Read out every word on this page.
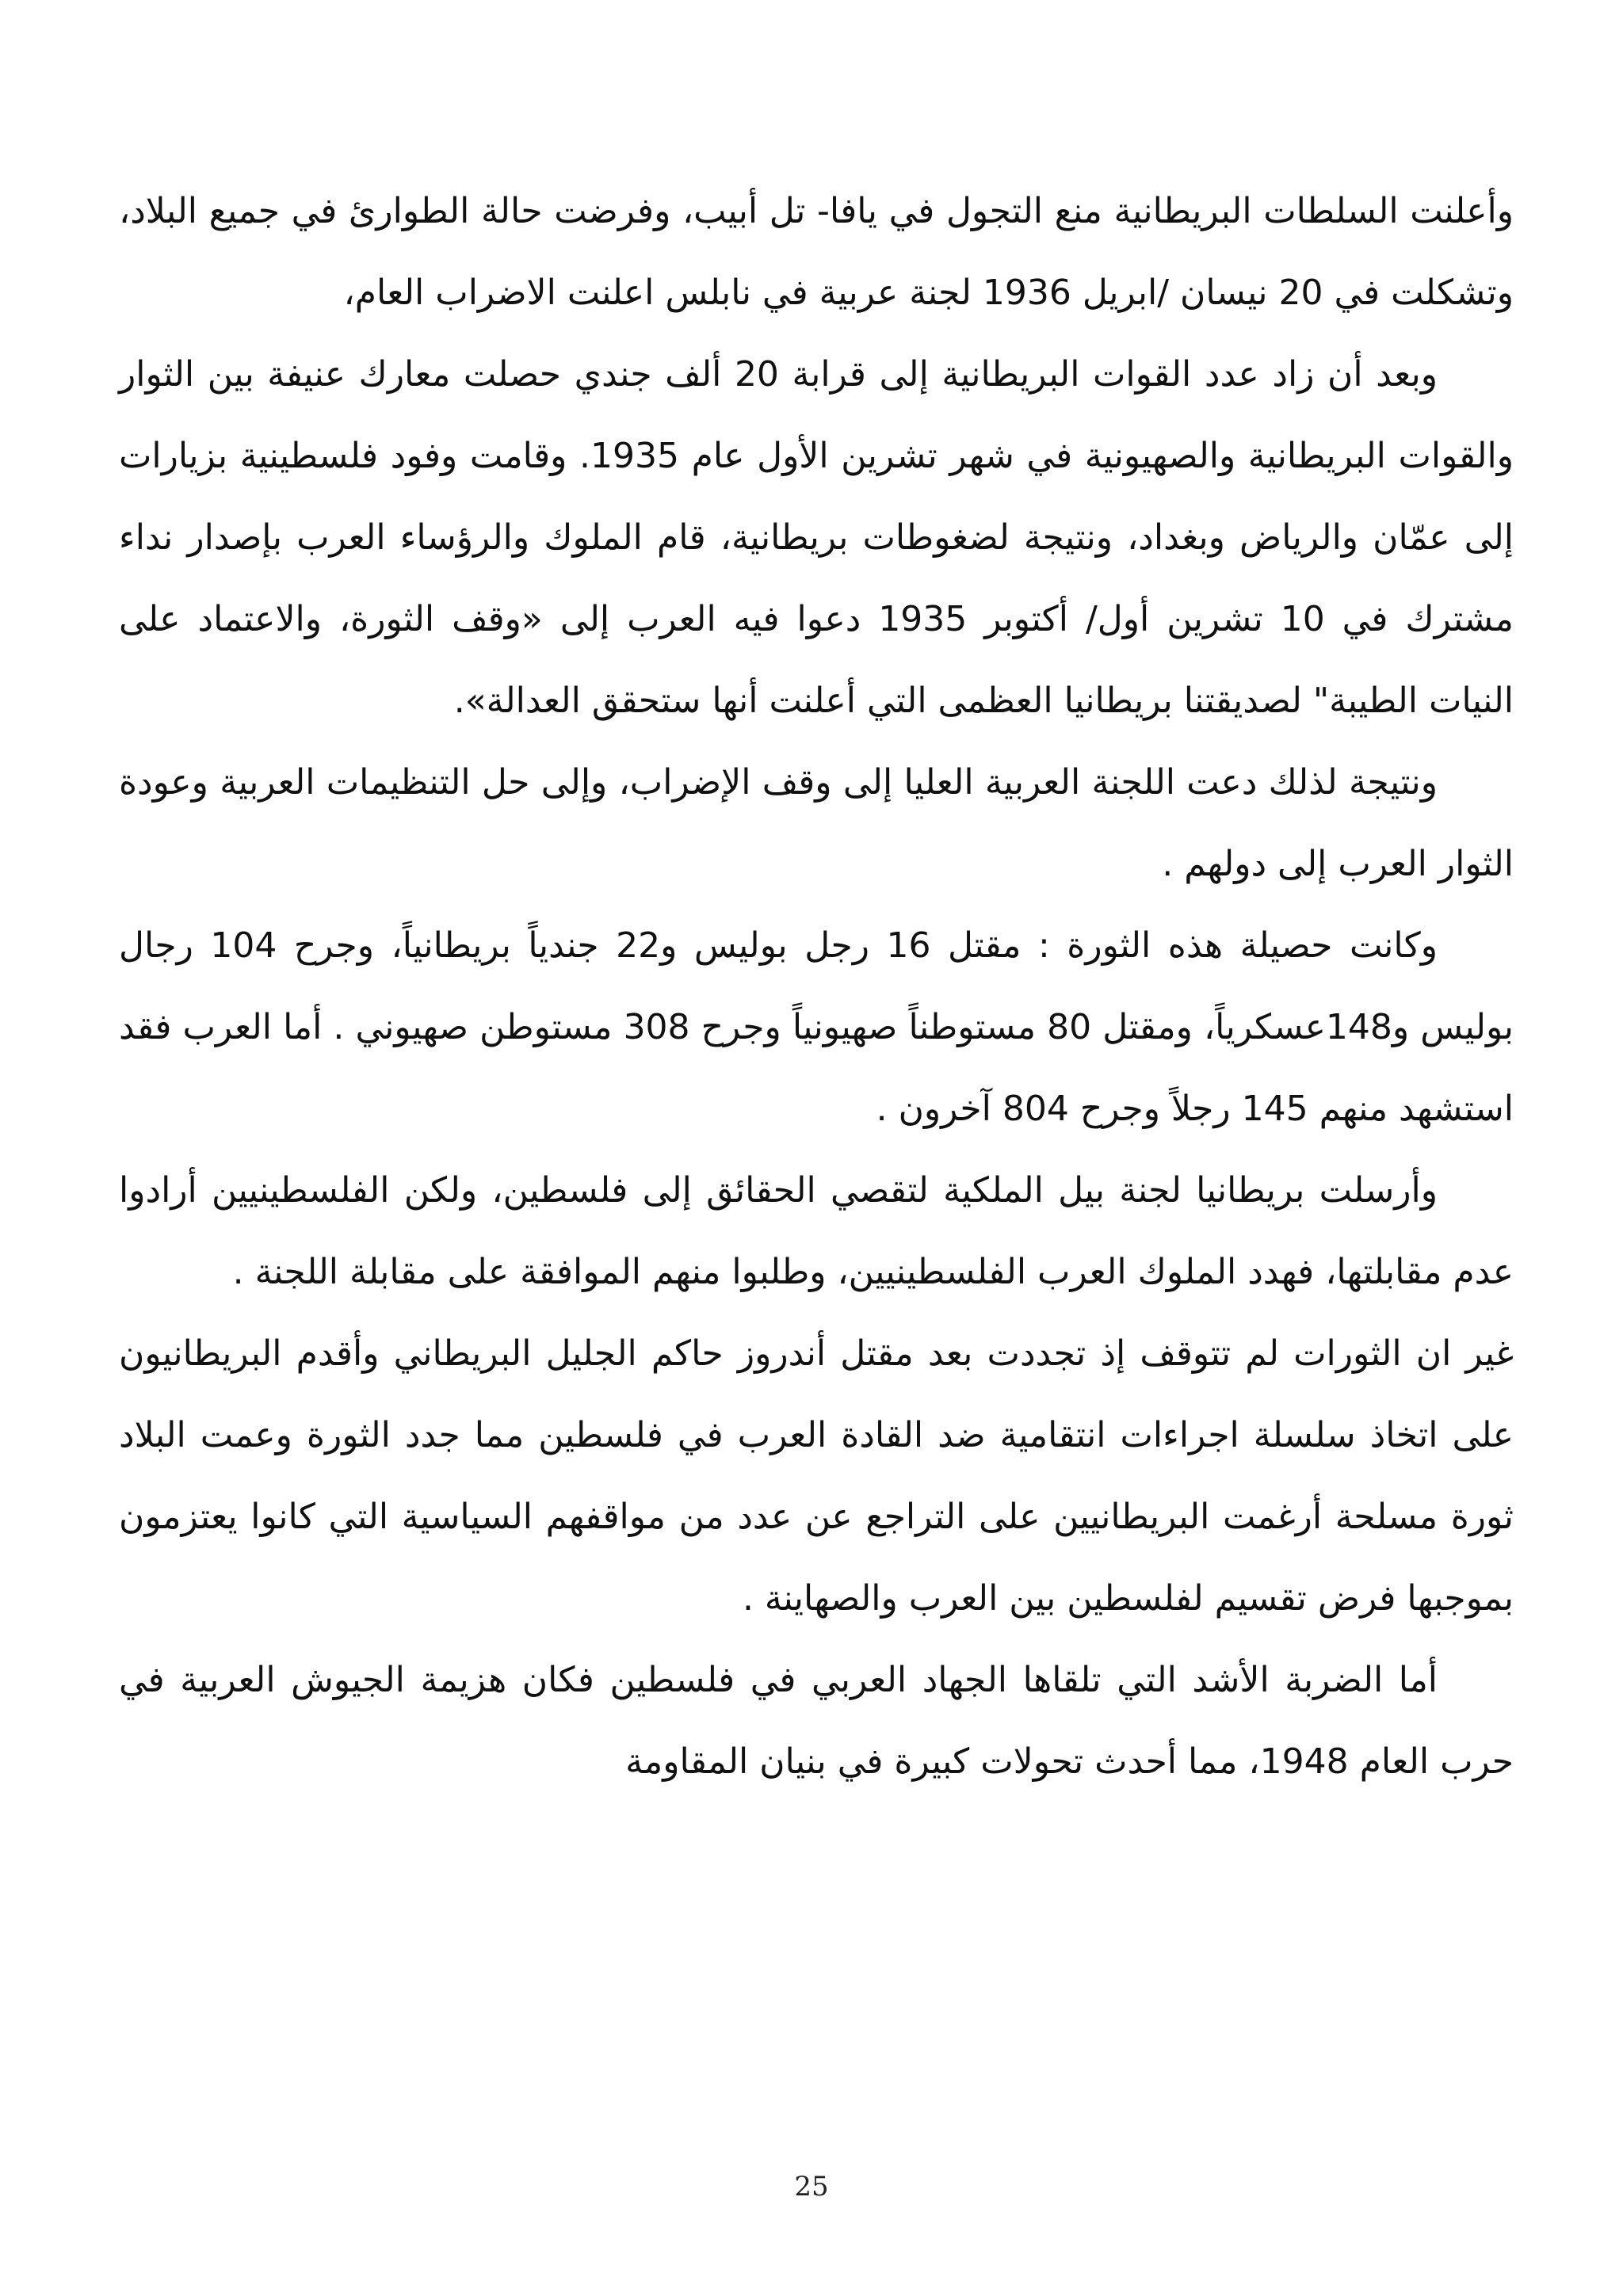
وأعلنت السلطات البريطانية منع التجول في يافا- تل أبيب، وفرضت حالة الطوارئ في جميع البلاد، وتشكلت في 20 نيسان /ابريل 1936 لجنة عربية في نابلس اعلنت الاضراب العام،

وبعد أن زاد عدد القوات البريطانية إلى قرابة 20 ألف جندي حصلت معارك عنيفة بين الثوار والقوات البريطانية والصهيونية في شهر تشرين الأول عام 1935. وقامت وفود فلسطينية بزيارات إلى عمّان والرياض وبغداد، ونتيجة لضغوطات بريطانية، قام الملوك والرؤساء العرب بإصدار نداء مشترك في 10 تشرين أول/ أكتوبر 1935 دعوا فيه العرب إلى «وقف الثورة، والاعتماد على النيات الطيبة" لصديقتنا بريطانيا العظمى التي أعلنت أنها ستحقق العدالة».

ونتيجة لذلك دعت اللجنة العربية العليا إلى وقف الإضراب، وإلى حل التنظيمات العربية وعودة الثوار العرب إلى دولهم .

وكانت حصيلة هذه الثورة : مقتل 16 رجل بوليس و22 جندياً بريطانياً، وجرح 104 رجال بوليس و148عسكرياً، ومقتل 80 مستوطناً صهيونياً وجرح 308 مستوطن صهيوني . أما العرب فقد استشهد منهم 145 رجلاً وجرح 804 آخرون .

وأرسلت بريطانيا لجنة بيل الملكية لتقصي الحقائق إلى فلسطين، ولكن الفلسطينيين أرادوا عدم مقابلتها، فهدد الملوك العرب الفلسطينيين، وطلبوا منهم الموافقة على مقابلة اللجنة .

غير ان الثورات لم تتوقف إذ تجددت بعد مقتل أندروز حاكم الجليل البريطاني وأقدم البريطانيون على اتخاذ سلسلة اجراءات انتقامية ضد القادة العرب في فلسطين مما جدد الثورة وعمت البلاد ثورة مسلحة أرغمت البريطانيين على التراجع عن عدد من مواقفهم السياسية التي كانوا يعتزمون بموجبها فرض تقسيم لفلسطين بين العرب والصهاينة .

أما الضربة الأشد التي تلقاها الجهاد العربي في فلسطين فكان هزيمة الجيوش العربية في حرب العام 1948، مما أحدث تحولات كبيرة في بنيان المقاومة

25
